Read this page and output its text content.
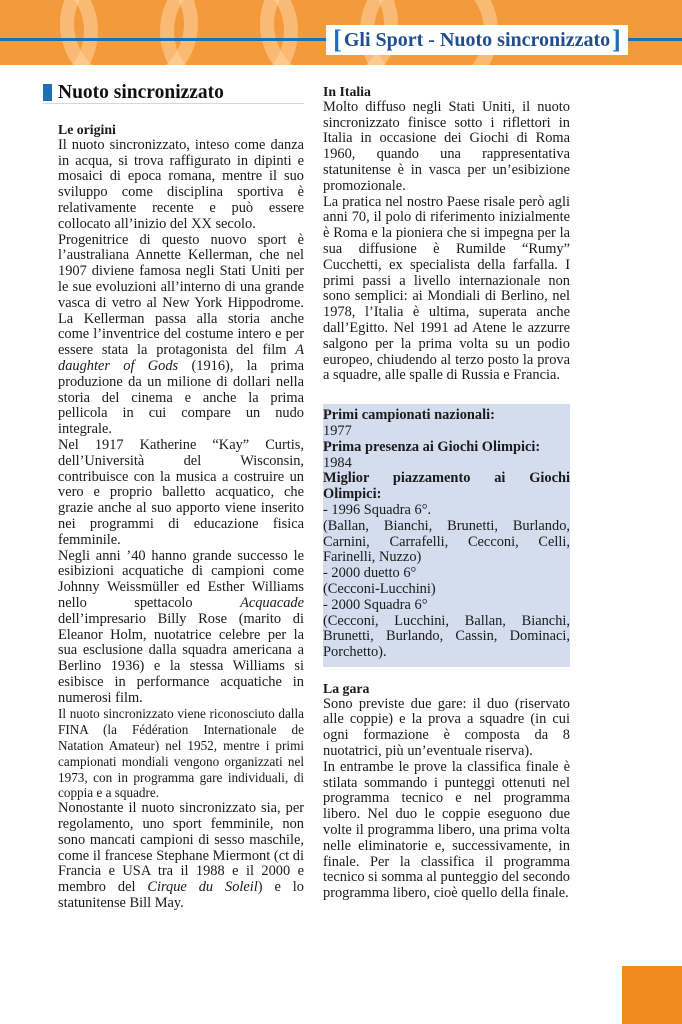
[ Gli Sport - Nuoto sincronizzato ]
Nuoto sincronizzato

Le origini

Il nuoto sincronizzato, inteso come danza in acqua, si trova raffigurato in dipinti e mosaici di epoca romana, mentre il suo sviluppo come disciplina sportiva è relativamente recente e può essere collocato all’inizio del XX secolo.

Progenitrice di questo nuovo sport è l’australiana Annette Kellerman, che nel 1907 diviene famosa negli Stati Uniti per le sue evoluzioni all’interno di una grande vasca di vetro al New York Hippodrome. La Kellerman passa alla storia anche come l’inventrice del costume intero e per essere stata la protagonista del film A daughter of Gods (1916), la prima produzione da un milione di dollari nella storia del cinema e anche la prima pellicola in cui compare un nudo integrale.

Nel 1917 Katherine “Kay” Curtis, dell’Università del Wisconsin, contribuisce con la musica a costruire un vero e proprio balletto acquatico, che grazie anche al suo apporto viene inserito nei programmi di educazione fisica femminile.

Negli anni ’40 hanno grande successo le esibizioni acquatiche di campioni come Johnny Weissmüller ed Esther Williams nello spettacolo Acquacade dell’impresario Billy Rose (marito di Eleanor Holm, nuotatrice celebre per la sua esclusione dalla squadra americana a Berlino 1936) e la stessa Williams si esibisce in performance acquatiche in numerosi film.

Il nuoto sincronizzato viene riconosciuto dalla FINA (la Fédération Internationale de Natation Amateur) nel 1952, mentre i primi campionati mondiali vengono organizzati nel 1973, con in programma gare individuali, di coppia e a squadre.

Nonostante il nuoto sincronizzato sia, per regolamento, uno sport femminile, non sono mancati campioni di sesso maschile, come il francese Stephane Miermont (ct di Francia e USA tra il 1988 e il 2000 e membro del Cirque du Soleil) e lo statunitense Bill May.

In Italia

Molto diffuso negli Stati Uniti, il nuoto sincronizzato finisce sotto i riflettori in Italia in occasione dei Giochi di Roma 1960, quando una rappresentativa statunitense è in vasca per un’esibizione promozionale.

La pratica nel nostro Paese risale però agli anni 70, il polo di riferimento inizialmente è Roma e la pioniera che si impegna per la sua diffusione è Rumilde “Rumy” Cucchetti, ex specialista della farfalla. I primi passi a livello internazionale non sono semplici: ai Mondiali di Berlino, nel 1978, l’Italia è ultima, superata anche dall’Egitto. Nel 1991 ad Atene le azzurre salgono per la prima volta su un podio europeo, chiudendo al terzo posto la prova a squadre, alle spalle di Russia e Francia.

Primi campionati nazionali:

1977

Prima presenza ai Giochi Olimpici:

1984

Miglior piazzamento ai Giochi Olimpici:

- 1996 Squadra 6°.

(Ballan, Bianchi, Brunetti, Burlando, Carnini, Carrafelli, Cecconi, Celli, Farinelli, Nuzzo)

- 2000 duetto 6°

(Cecconi-Lucchini)

- 2000 Squadra 6°

(Cecconi, Lucchini, Ballan, Bianchi, Brunetti, Burlando, Cassin, Dominaci, Porchetto).

La gara

Sono previste due gare: il duo (riservato alle coppie) e la prova a squadre (in cui ogni formazione è composta da 8 nuotatrici, più un’eventuale riserva).

In entrambe le prove la classifica finale è stilata sommando i punteggi ottenuti nel programma tecnico e nel programma libero. Nel duo le coppie eseguono due volte il programma libero, una prima volta nelle eliminatorie e, successivamente, in finale. Per la classifica il programma tecnico si somma al punteggio del secondo programma libero, cioè quello della finale.
